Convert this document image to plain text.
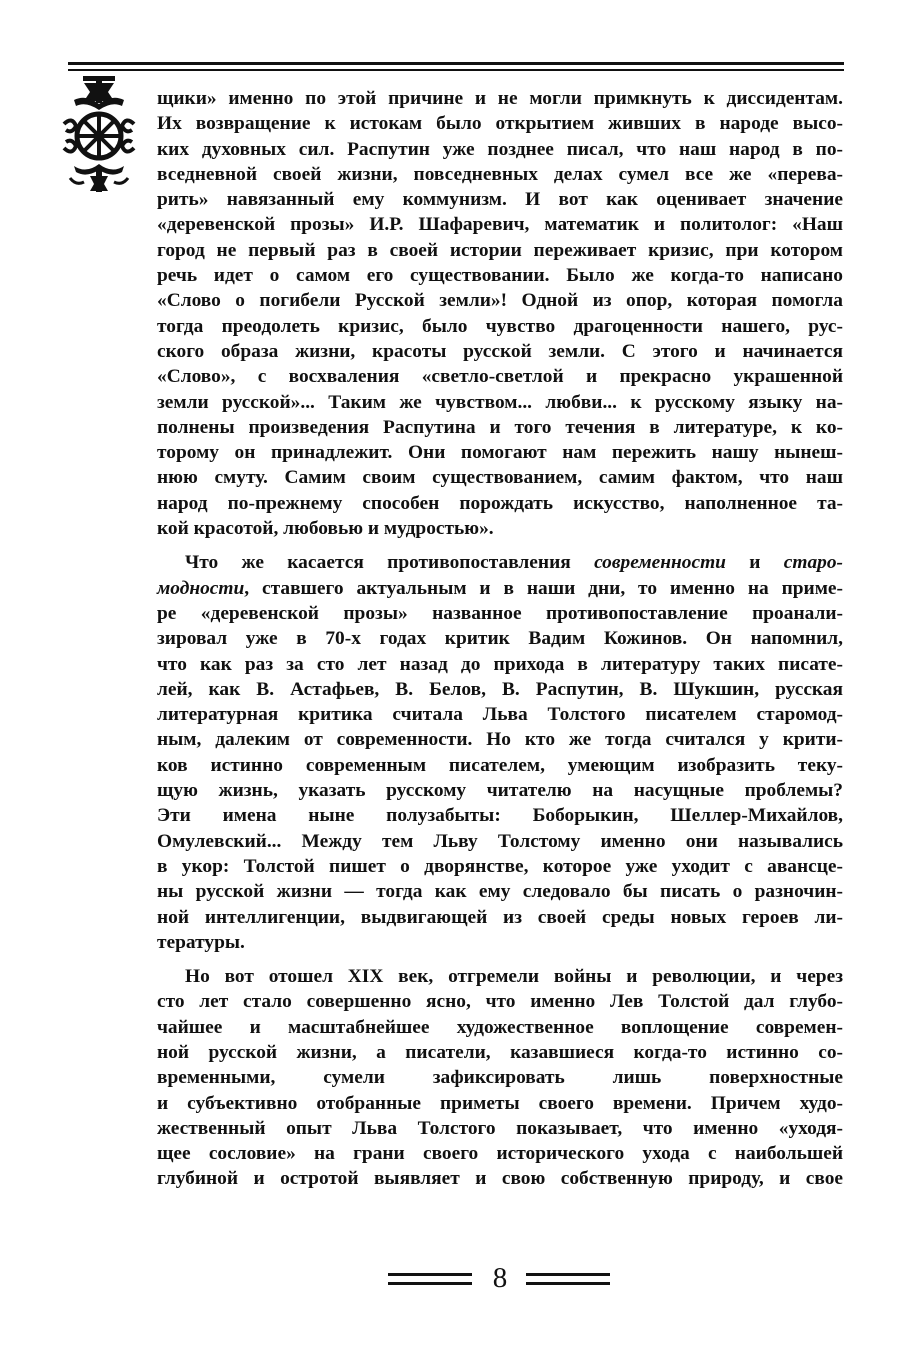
щики» именно по этой причине и не могли примкнуть к диссидентам.
Их возвращение к истокам было открытием живших в народе высо-
ких духовных сил. Распутин уже позднее писал, что наш народ в по-
вседневной своей жизни, повседневных делах сумел все же «перева-
рить» навязанный ему коммунизм. И вот как оценивает значение
«деревенской прозы» И.Р. Шафаревич, математик и политолог: «Наш
город не первый раз в своей истории переживает кризис, при котором
речь идет о самом его существовании. Было же когда-то написано
«Слово о погибели Русской земли»! Одной из опор, которая помогла
тогда преодолеть кризис, было чувство драгоценности нашего, рус-
ского образа жизни, красоты русской земли. С этого и начинается
«Слово», с восхваления «светло-светлой и прекрасно украшенной
земли русской»... Таким же чувством... любви... к русскому языку на-
полнены произведения Распутина и того течения в литературе, к ко-
торому он принадлежит. Они помогают нам пережить нашу нынеш-
нюю смуту. Самим своим существованием, самим фактом, что наш
народ по-прежнему способен порождать искусство, наполненное та-
кой красотой, любовью и мудростью».

Что же касается противопоставления современности и старо-
модности, ставшего актуальным и в наши дни, то именно на приме-
ре «деревенской прозы» названное противопоставление проанали-
зировал уже в 70-х годах критик Вадим Кожинов. Он напомнил,
что как раз за сто лет назад до прихода в литературу таких писате-
лей, как В. Астафьев, В. Белов, В. Распутин, В. Шукшин, русская
литературная критика считала Льва Толстого писателем старомод-
ным, далеким от современности. Но кто же тогда считался у крити-
ков истинно современным писателем, умеющим изобразить теку-
щую жизнь, указать русскому читателю на насущные проблемы?
Эти имена ныне полузабыты: Боборыкин, Шеллер-Михайлов,
Омулевский... Между тем Льву Толстому именно они назывались
в укор: Толстой пишет о дворянстве, которое уже уходит с авансце-
ны русской жизни — тогда как ему следовало бы писать о разночин-
ной интеллигенции, выдвигающей из своей среды новых героев ли-
тературы.

Но вот отошел XIX век, отгремели войны и революции, и через
сто лет стало совершенно ясно, что именно Лев Толстой дал глубо-
чайшее и масштабнейшее художественное воплощение современ-
ной русской жизни, а писатели, казавшиеся когда-то истинно со-
временными, сумели зафиксировать лишь поверхностные
и субъективно отобранные приметы своего времени. Причем худо-
жественный опыт Льва Толстого показывает, что именно «уходя-
щее сословие» на грани своего исторического ухода с наибольшей
глубиной и остротой выявляет и свою собственную природу, и свое

8
